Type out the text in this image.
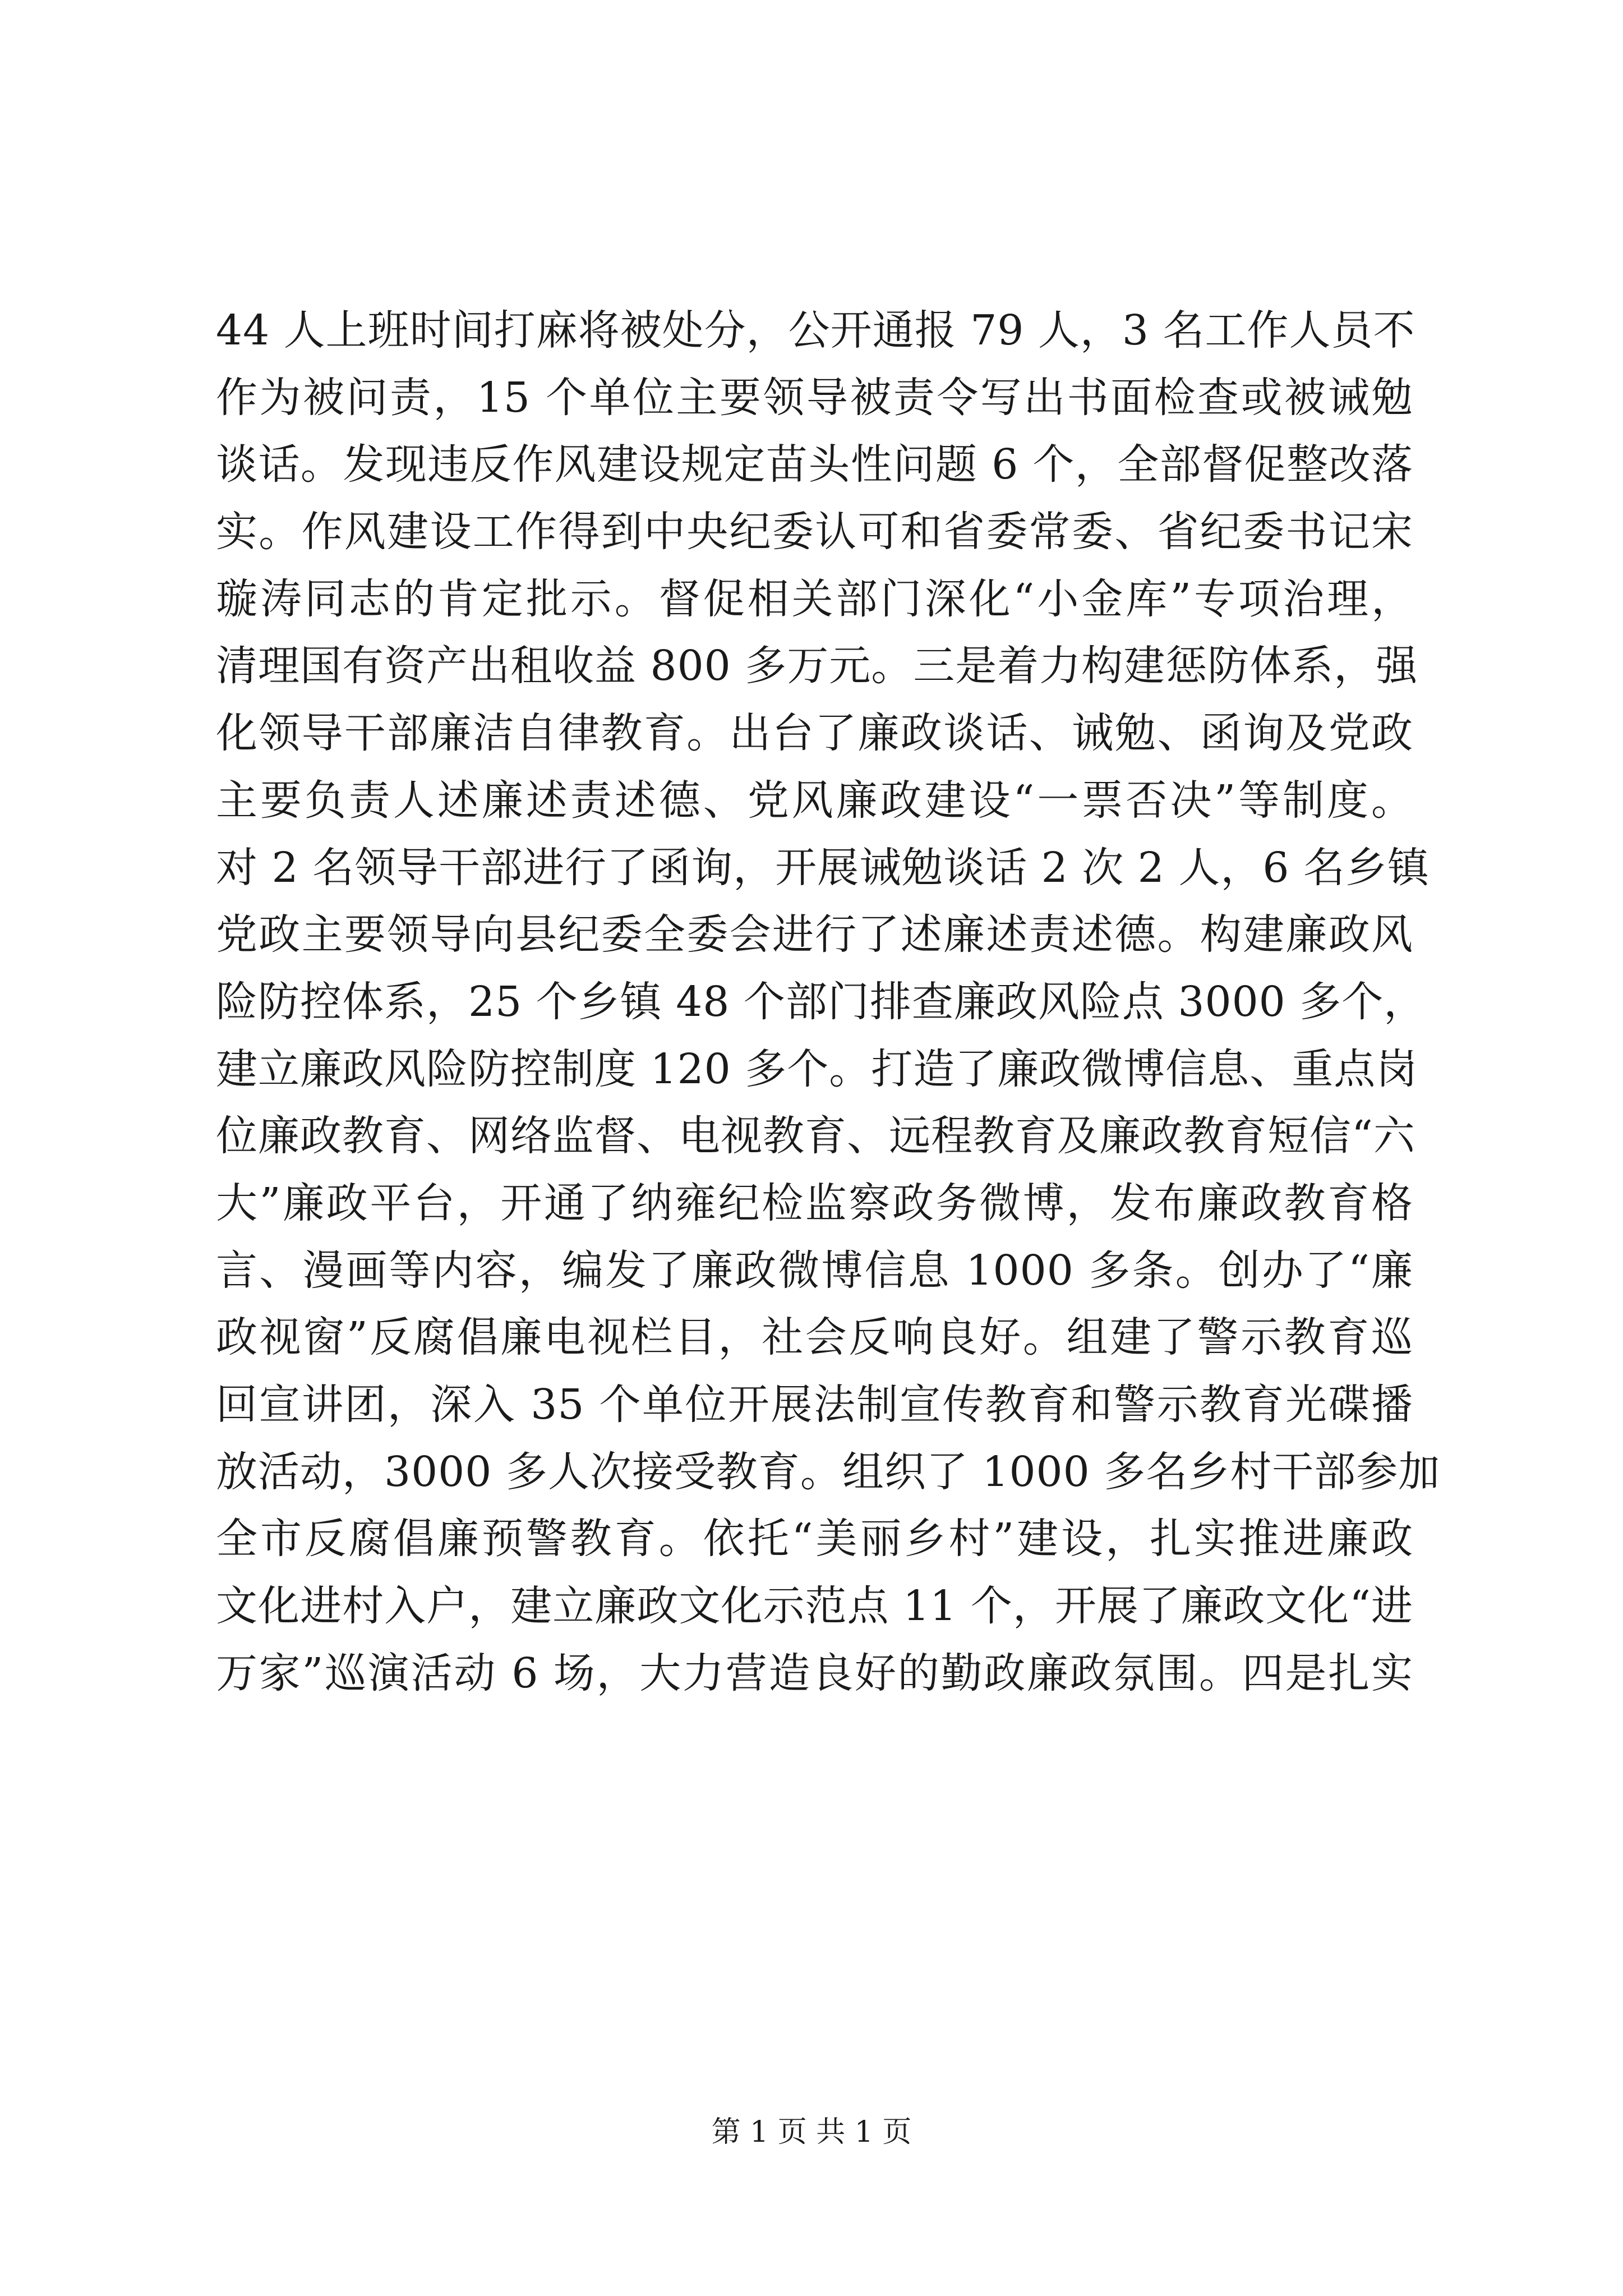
44 人上班时间打麻将被处分，公开通报 79 人，3 名工作人员不
作为被问责，15 个单位主要领导被责令写出书面检查或被诫勉
谈话。发现违反作风建设规定苗头性问题 6 个，全部督促整改落
实。作风建设工作得到中央纪委认可和省委常委、省纪委书记宋
璇涛同志的肯定批示。督促相关部门深化“小金库”专项治理，
清理国有资产出租收益 800 多万元。三是着力构建惩防体系，强
化领导干部廉洁自律教育。出台了廉政谈话、诫勉、函询及党政
主要负责人述廉述责述德、党风廉政建设“一票否决”等制度。
对 2 名领导干部进行了函询，开展诫勉谈话 2 次 2 人，6 名乡镇
党政主要领导向县纪委全委会进行了述廉述责述德。构建廉政风
险防控体系，25 个乡镇 48 个部门排查廉政风险点 3000 多个，
建立廉政风险防控制度 120 多个。打造了廉政微博信息、重点岗
位廉政教育、网络监督、电视教育、远程教育及廉政教育短信“六
大”廉政平台，开通了纳雍纪检监察政务微博，发布廉政教育格
言、漫画等内容，编发了廉政微博信息 1000 多条。创办了“廉
政视窗”反腐倡廉电视栏目，社会反响良好。组建了警示教育巡
回宣讲团，深入 35 个单位开展法制宣传教育和警示教育光碟播
放活动，3000 多人次接受教育。组织了 1000 多名乡村干部参加
全市反腐倡廉预警教育。依托“美丽乡村”建设，扎实推进廉政
文化进村入户，建立廉政文化示范点 11 个，开展了廉政文化“进
万家”巡演活动 6 场，大力营造良好的勤政廉政氛围。四是扎实
第 1 页 共 1 页
